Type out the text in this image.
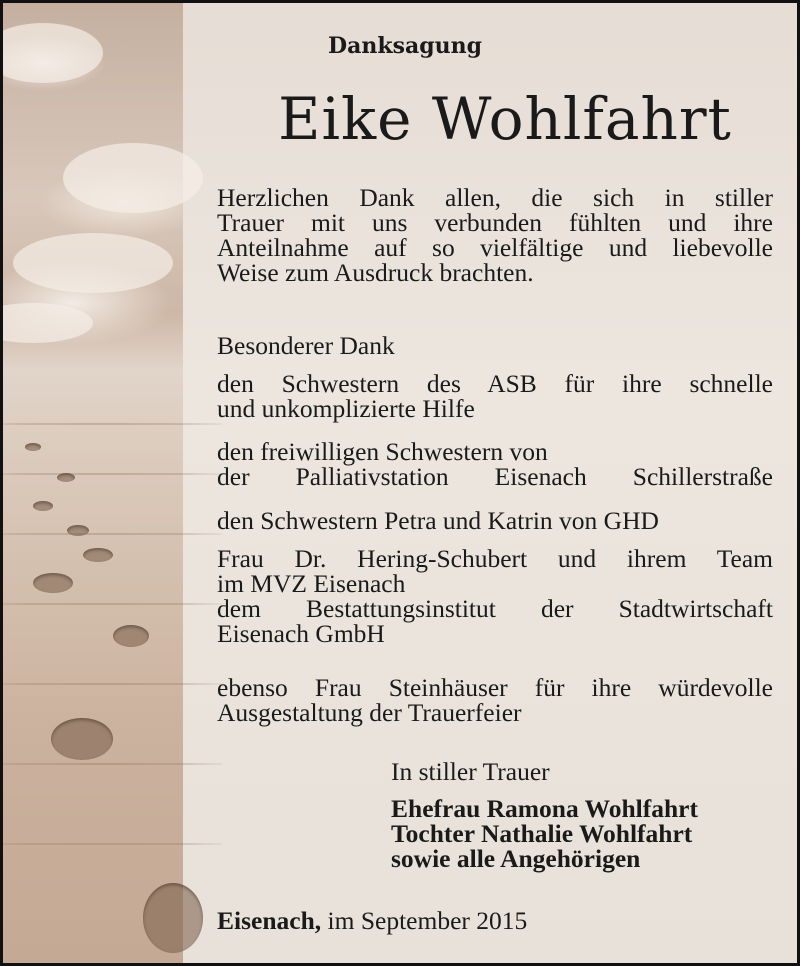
Danksagung
Eike Wohlfahrt
Herzlichen Dank allen, die sich in stiller
Trauer mit uns verbunden fühlten und ihre
Anteilnahme auf so vielfältige und liebevolle
Weise zum Ausdruck brachten.
Besonderer Dank
den Schwestern des ASB für ihre schnelle
und unkomplizierte Hilfe
den freiwilligen Schwestern von
der Palliativstation Eisenach Schillerstraße
den Schwestern Petra und Katrin von GHD
Frau Dr. Hering-Schubert und ihrem Team
im MVZ Eisenach
dem Bestattungsinstitut der Stadtwirtschaft
Eisenach GmbH
ebenso Frau Steinhäuser für ihre würdevolle
Ausgestaltung der Trauerfeier
In stiller Trauer
Ehefrau Ramona Wohlfahrt
Tochter Nathalie Wohlfahrt
sowie alle Angehörigen
Eisenach, im September 2015
